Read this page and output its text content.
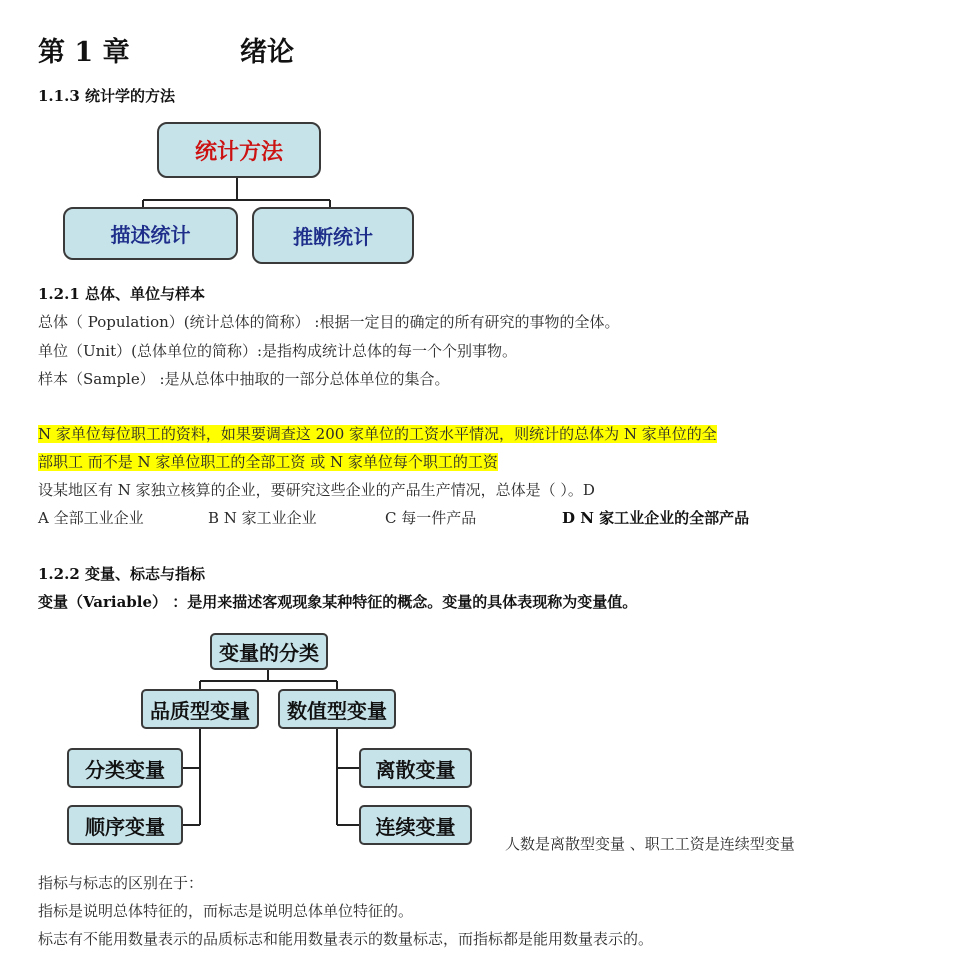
第 1 章	绪论
1.1.3 统计学的方法
统计方法
描述统计	推断统计
1.2.1 总体、单位与样本
总体（ Population）(统计总体的简称） :根据一定目的确定的所有研究的事物的全体。
单位（Unit）(总体单位的简称）:是指构成统计总体的每一个个别事物。
样本（Sample） :是从总体中抽取的一部分总体单位的集合。
N 家单位每位职工的资料，如果要调查这 200 家单位的工资水平情况，则统计的总体为 N 家单位的全
部职工 而不是 N 家单位职工的全部工资 或 N 家单位每个职工的工资
设某地区有 N 家独立核算的企业，要研究这些企业的产品生产情况，总体是（ ）。D
A 全部工业企业	B N 家工业企业	C 每一件产品	D N 家工业企业的全部产品
1.2.2 变量、标志与指标
变量（Variable） ：是用来描述客观现象某种特征的概念。变量的具体表现称为变量值。
变量的分类
品质型变量	数值型变量
分类变量
顺序变量
离散变量
连续变量
人数是离散型变量 、职工工资是连续型变量
指标与标志的区别在于：
指标是说明总体特征的，而标志是说明总体单位特征的。
标志有不能用数量表示的品质标志和能用数量表示的数量标志，而指标都是能用数量表示的。
